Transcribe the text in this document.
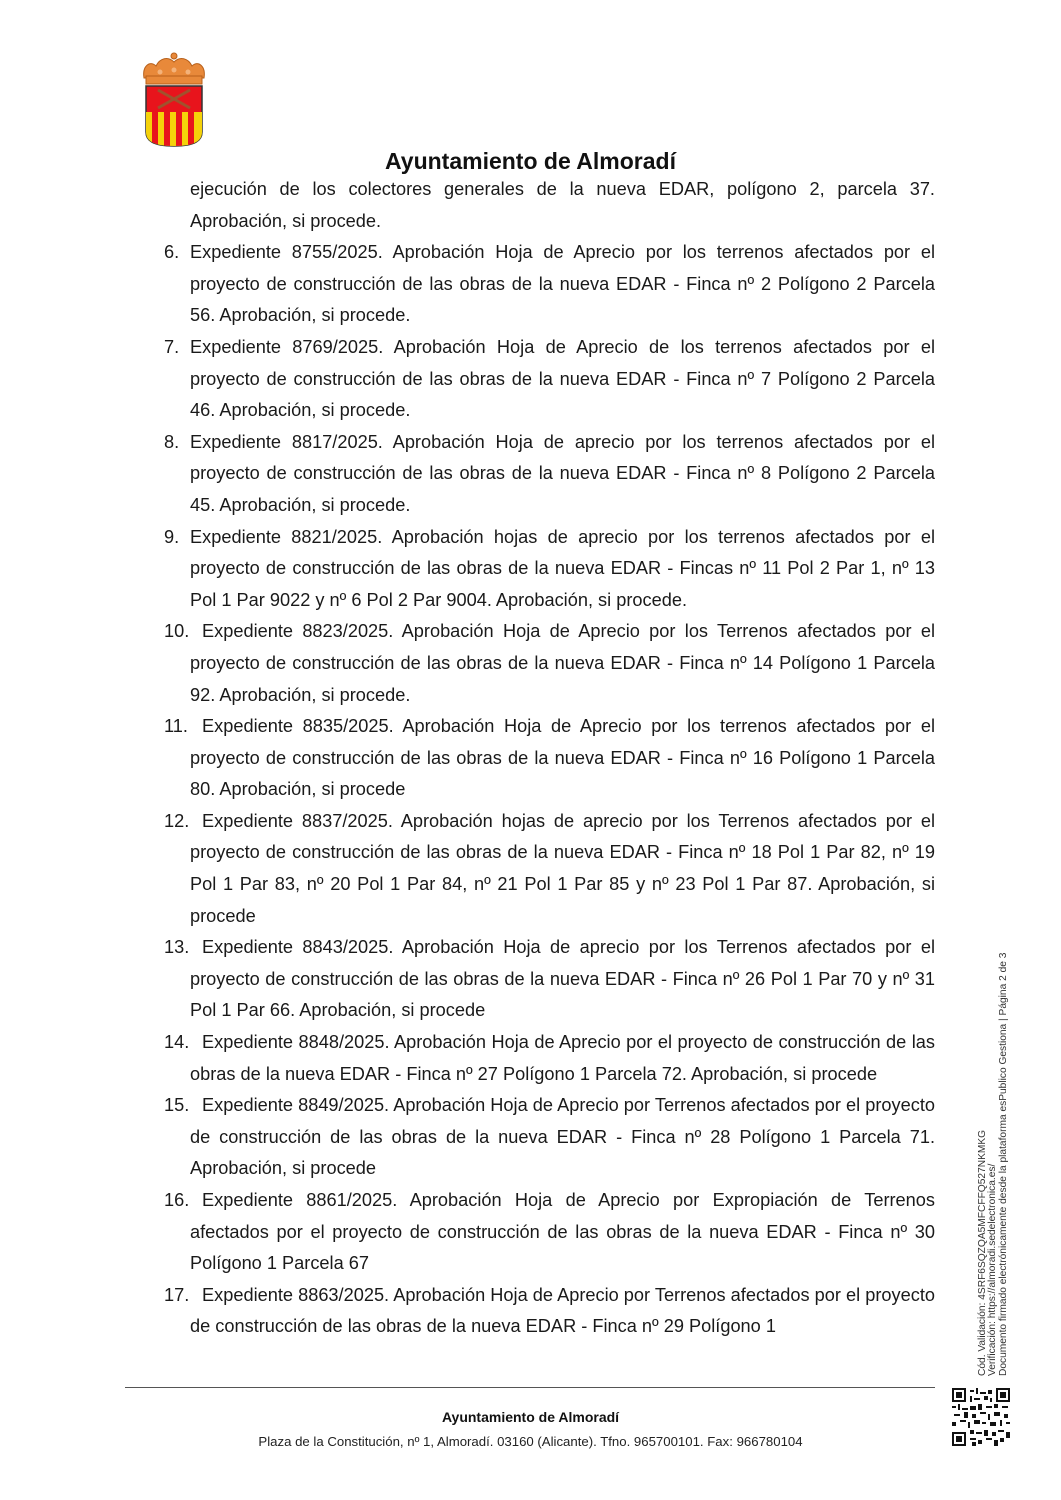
Ayuntamiento de Almoradí

ejecución de los colectores generales de la nueva EDAR, polígono 2, parcela 37. Aprobación, si procede.

6. Expediente 8755/2025. Aprobación Hoja de Aprecio por los terrenos afectados por el proyecto de construcción de las obras de la nueva EDAR - Finca nº 2 Polígono 2 Parcela 56. Aprobación, si procede.
7. Expediente 8769/2025. Aprobación Hoja de Aprecio de los terrenos afectados por el proyecto de construcción de las obras de la nueva EDAR - Finca nº 7 Polígono 2 Parcela 46. Aprobación, si procede.
8. Expediente 8817/2025. Aprobación Hoja de aprecio por los terrenos afectados por el proyecto de construcción de las obras de la nueva EDAR - Finca nº 8 Polígono 2 Parcela 45. Aprobación, si procede.
9. Expediente 8821/2025. Aprobación hojas de aprecio por los terrenos afectados por el proyecto de construcción de las obras de la nueva EDAR - Fincas nº 11 Pol 2 Par 1, nº 13 Pol 1 Par 9022 y nº 6 Pol 2 Par 9004. Aprobación, si procede.
10. Expediente 8823/2025. Aprobación Hoja de Aprecio por los Terrenos afectados por el proyecto de construcción de las obras de la nueva EDAR - Finca nº 14 Polígono 1 Parcela 92. Aprobación, si procede.
11. Expediente 8835/2025. Aprobación Hoja de Aprecio por los terrenos afectados por el proyecto de construcción de las obras de la nueva EDAR - Finca nº 16 Polígono 1 Parcela 80. Aprobación, si procede
12. Expediente 8837/2025. Aprobación hojas de aprecio por los Terrenos afectados por el proyecto de construcción de las obras de la nueva EDAR - Finca nº 18 Pol 1 Par 82, nº 19 Pol 1 Par 83, nº 20 Pol 1 Par 84, nº 21 Pol 1 Par 85 y nº 23 Pol 1 Par 87. Aprobación, si procede
13. Expediente 8843/2025. Aprobación Hoja de aprecio por los Terrenos afectados por el proyecto de construcción de las obras de la nueva EDAR - Finca nº 26 Pol 1 Par 70 y nº 31 Pol 1 Par 66. Aprobación, si procede
14. Expediente 8848/2025. Aprobación Hoja de Aprecio por el proyecto de construcción de las obras de la nueva EDAR - Finca nº 27 Polígono 1 Parcela 72. Aprobación, si procede
15. Expediente 8849/2025. Aprobación Hoja de Aprecio por Terrenos afectados por el proyecto de construcción de las obras de la nueva EDAR - Finca nº 28 Polígono 1 Parcela 71. Aprobación, si procede
16. Expediente 8861/2025. Aprobación Hoja de Aprecio por Expropiación de Terrenos afectados por el proyecto de construcción de las obras de la nueva EDAR - Finca nº 30 Polígono 1 Parcela 67
17. Expediente 8863/2025. Aprobación Hoja de Aprecio por Terrenos afectados por el proyecto de construcción de las obras de la nueva EDAR - Finca nº 29 Polígono 1
Ayuntamiento de Almoradí
Plaza de la Constitución, nº 1, Almoradí. 03160 (Alicante). Tfno. 965700101. Fax: 966780104
Cód. Validación: 4SRF6SQZQA5MFCFFQ527NKMKG Verificación: https://almoradi.sedelectronica.es/ Documento firmado electrónicamente desde la plataforma esPublico Gestiona | Página 2 de 3
